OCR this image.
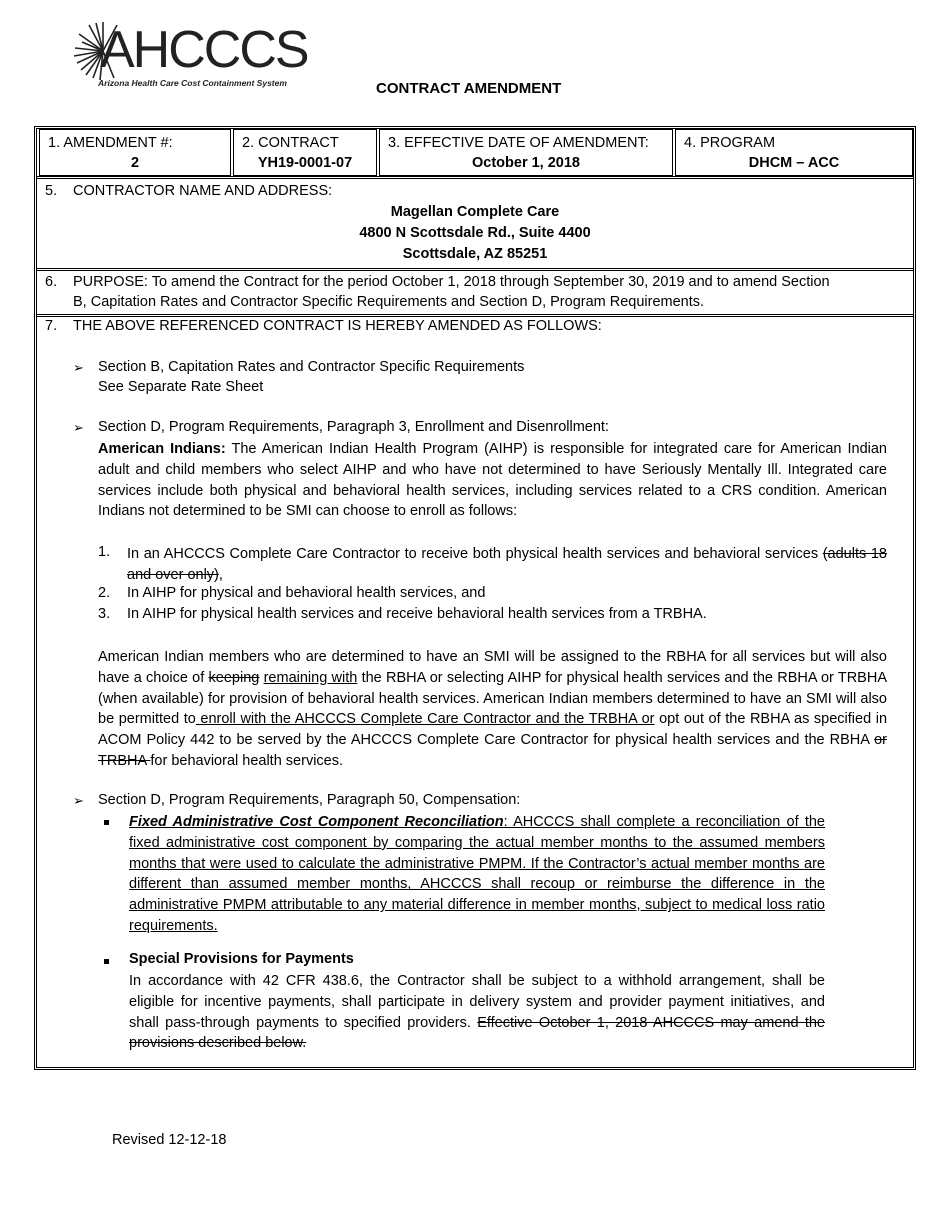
AHCCCS
Arizona Health Care Cost Containment System	CONTRACT AMENDMENT
1. AMENDMENT #:
2
2. CONTRACT
YH19-0001-07
3. EFFECTIVE DATE OF AMENDMENT:
October 1, 2018
4. PROGRAM
DHCM – ACC
5. CONTRACTOR NAME AND ADDRESS:
Magellan Complete Care
4800 N Scottsdale Rd., Suite 4400
Scottsdale, AZ 85251
6. PURPOSE: To amend the Contract for the period October 1, 2018 through September 30, 2019 and to amend Section
B, Capitation Rates and Contractor Specific Requirements and Section D, Program Requirements.
7. THE ABOVE REFERENCED CONTRACT IS HEREBY AMENDED AS FOLLOWS:
➢ Section B, Capitation Rates and Contractor Specific Requirements
See Separate Rate Sheet
➢ Section D, Program Requirements, Paragraph 3, Enrollment and Disenrollment:
American Indians: The American Indian Health Program (AIHP) is responsible for integrated care for American Indian adult and child members who select AIHP and who have not determined to have Seriously Mentally Ill. Integrated care services include both physical and behavioral health services, including services related to a CRS condition. American Indians not determined to be SMI can choose to enroll as follows:
1. In an AHCCCS Complete Care Contractor to receive both physical health services and behavioral services (adults 18 and over only),
2. In AIHP for physical and behavioral health services, and
3. In AIHP for physical health services and receive behavioral health services from a TRBHA.
American Indian members who are determined to have an SMI will be assigned to the RBHA for all services but will also have a choice of keeping remaining with the RBHA or selecting AIHP for physical health services and the RBHA or TRBHA (when available) for provision of behavioral health services. American Indian members determined to have an SMI will also be permitted to enroll with the AHCCCS Complete Care Contractor and the TRBHA or opt out of the RBHA as specified in ACOM Policy 442 to be served by the AHCCCS Complete Care Contractor for physical health services and the RBHA or TRBHA for behavioral health services.
➢ Section D, Program Requirements, Paragraph 50, Compensation:
Fixed Administrative Cost Component Reconciliation: AHCCCS shall complete a reconciliation of the fixed administrative cost component by comparing the actual member months to the assumed members months that were used to calculate the administrative PMPM. If the Contractor’s actual member months are different than assumed member months, AHCCCS shall recoup or reimburse the difference in the administrative PMPM attributable to any material difference in member months, subject to medical loss ratio requirements.
Special Provisions for Payments
In accordance with 42 CFR 438.6, the Contractor shall be subject to a withhold arrangement, shall be eligible for incentive payments, shall participate in delivery system and provider payment initiatives, and shall pass-through payments to specified providers. Effective October 1, 2018 AHCCCS may amend the provisions described below.
Revised 12-12-18
